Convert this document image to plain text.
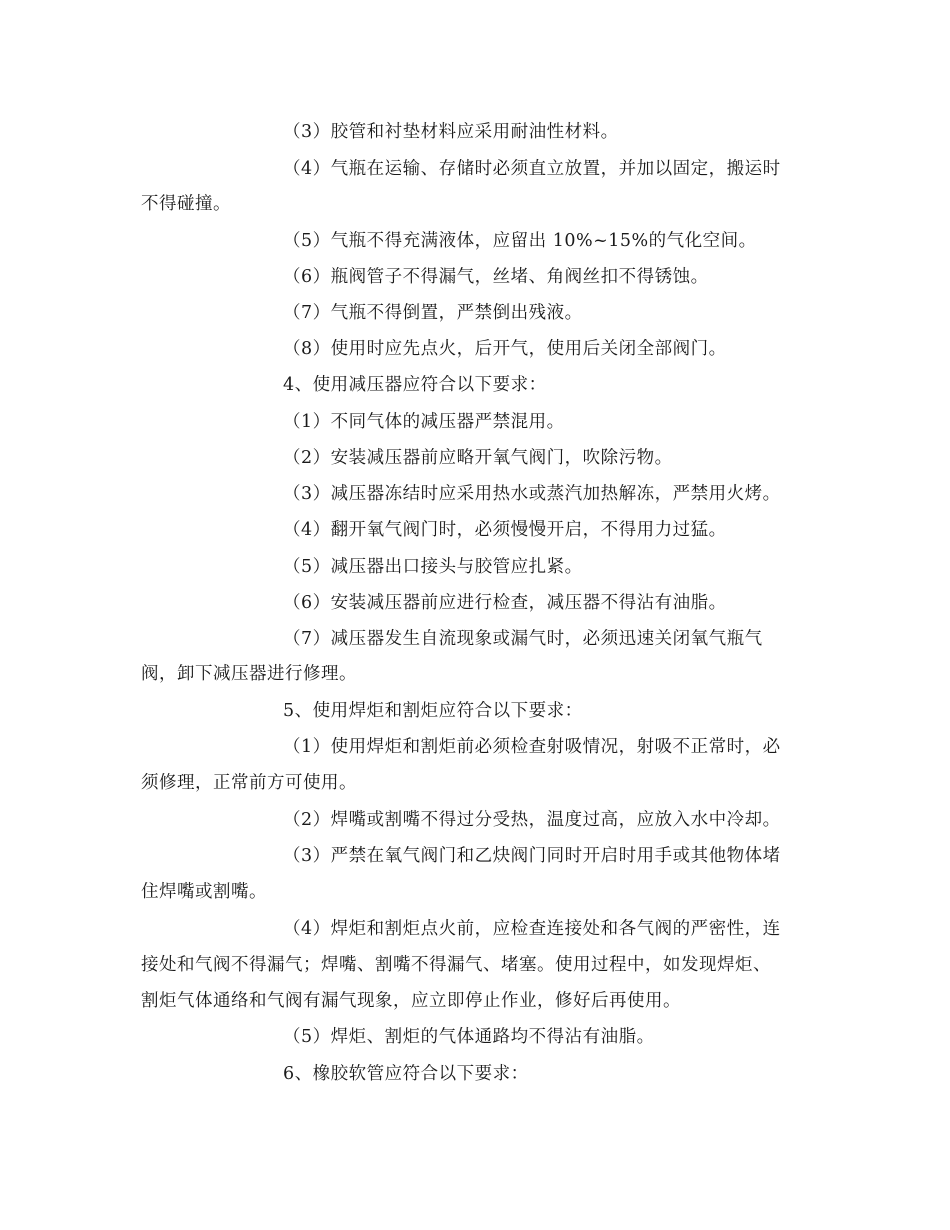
（3）胶管和衬垫材料应采用耐油性材料。
（4）气瓶在运输、存储时必须直立放置，并加以固定，搬运时
不得碰撞。
（5）气瓶不得充满液体，应留出 10%~15%的气化空间。
（6）瓶阀管子不得漏气，丝堵、角阀丝扣不得锈蚀。
（7）气瓶不得倒置，严禁倒出残液。
（8）使用时应先点火，后开气，使用后关闭全部阀门。
4、使用减压器应符合以下要求：
（1）不同气体的减压器严禁混用。
（2）安装减压器前应略开氧气阀门，吹除污物。
（3）减压器冻结时应采用热水或蒸汽加热解冻，严禁用火烤。
（4）翻开氧气阀门时，必须慢慢开启，不得用力过猛。
（5）减压器出口接头与胶管应扎紧。
（6）安装减压器前应进行检查，减压器不得沾有油脂。
（7）减压器发生自流现象或漏气时，必须迅速关闭氧气瓶气
阀，卸下减压器进行修理。
5、使用焊炬和割炬应符合以下要求：
（1）使用焊炬和割炬前必须检查射吸情况，射吸不正常时，必
须修理，正常前方可使用。
（2）焊嘴或割嘴不得过分受热，温度过高，应放入水中冷却。
（3）严禁在氧气阀门和乙炔阀门同时开启时用手或其他物体堵
住焊嘴或割嘴。
（4）焊炬和割炬点火前，应检查连接处和各气阀的严密性，连
接处和气阀不得漏气；焊嘴、割嘴不得漏气、堵塞。使用过程中，如发现焊炬、
割炬气体通络和气阀有漏气现象，应立即停止作业，修好后再使用。
（5）焊炬、割炬的气体通路均不得沾有油脂。
6、橡胶软管应符合以下要求：
